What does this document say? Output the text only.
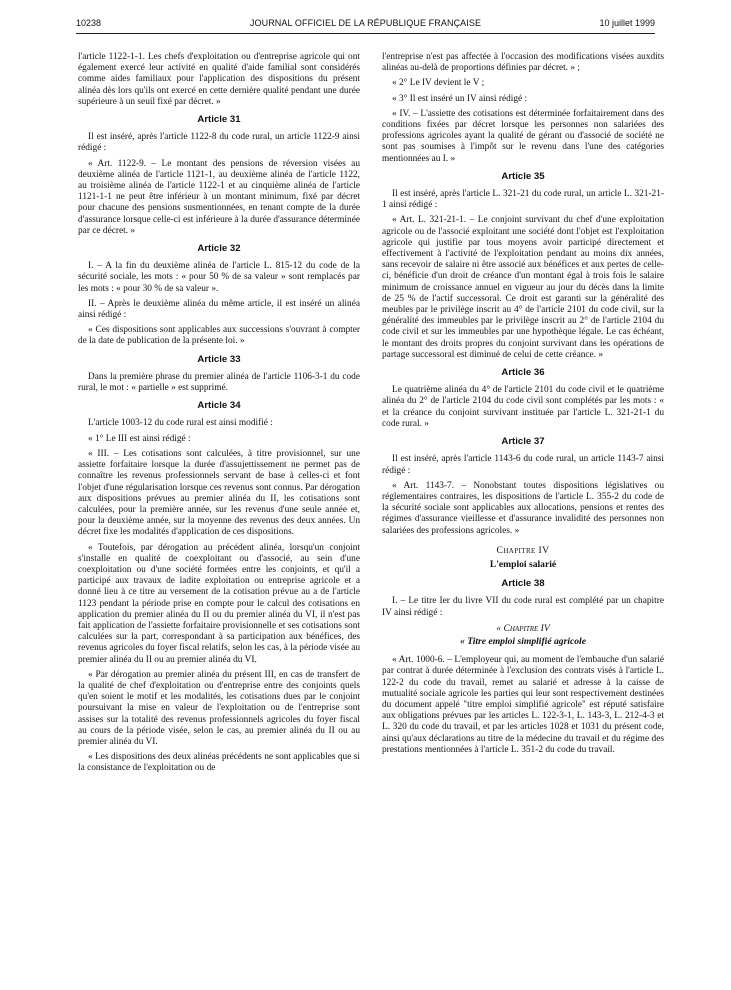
10238	JOURNAL OFFICIEL DE LA RÉPUBLIQUE FRANÇAISE	10 juillet 1999

l'article 1122-1-1. Les chefs d'exploitation ou d'entreprise agricole qui ont également exercé leur activité en qualité d'aide familial sont considérés comme aides familiaux pour l'application des dispositions du présent alinéa dès lors qu'ils ont exercé en cette dernière qualité pendant une durée supérieure à un seuil fixé par décret. »

Article 31

Il est inséré, après l'article 1122-8 du code rural, un article 1122-9 ainsi rédigé :

« Art. 1122-9. – Le montant des pensions de réversion visées au deuxième alinéa de l'article 1121-1, au deuxième alinéa de l'article 1122, au troisième alinéa de l'article 1122-1 et au cinquième alinéa de l'article 1121-1-1 ne peut être inférieur à un montant minimum, fixé par décret pour chacune des pensions susmentionnées, en tenant compte de la durée d'assurance lorsque celle-ci est inférieure à la durée d'assurance déterminée par ce décret. »

Article 32

I. – A la fin du deuxième alinéa de l'article L. 815-12 du code de la sécurité sociale, les mots : « pour 50 % de sa valeur » sont remplacés par les mots : « pour 30 % de sa valeur ».

II. – Après le deuxième alinéa du même article, il est inséré un alinéa ainsi rédigé :

« Ces dispositions sont applicables aux successions s'ouvrant à compter de la date de publication de la présente loi. »

Article 33

Dans la première phrase du premier alinéa de l'article 1106-3-1 du code rural, le mot : « partielle » est supprimé.

Article 34

L'article 1003-12 du code rural est ainsi modifié :

« 1° Le III est ainsi rédigé :

« III. – Les cotisations sont calculées, à titre provisionnel, sur une assiette forfaitaire lorsque la durée d'assujettissement ne permet pas de connaître les revenus professionnels servant de base à celles-ci et font l'objet d'une régularisation lorsque ces revenus sont connus. Par dérogation aux dispositions prévues au premier alinéa du II, les cotisations sont calculées, pour la première année, sur les revenus d'une seule année et, pour la deuxième année, sur la moyenne des revenus des deux années. Un décret fixe les modalités d'application de ces dispositions.

« Toutefois, par dérogation au précédent alinéa, lorsqu'un conjoint s'installe en qualité de coexploitant ou d'associé, au sein d'une coexploitation ou d'une société formées entre les conjoints, et qu'il a participé aux travaux de ladite exploitation ou entreprise agricole et a donné lieu à ce titre au versement de la cotisation prévue au a de l'article 1123 pendant la période prise en compte pour le calcul des cotisations en application du premier alinéa du II ou du premier alinéa du VI, il n'est pas fait application de l'assiette forfaitaire provisionnelle et ses cotisations sont calculées sur la part, correspondant à sa participation aux bénéfices, des revenus agricoles du foyer fiscal relatifs, selon les cas, à la période visée au premier alinéa du II ou au premier alinéa du VI.

« Par dérogation au premier alinéa du présent III, en cas de transfert de la qualité de chef d'exploitation ou d'entreprise entre des conjoints quels qu'en soient le motif et les modalités, les cotisations dues par le conjoint poursuivant la mise en valeur de l'exploitation ou de l'entreprise sont assises sur la totalité des revenus professionnels agricoles du foyer fiscal au cours de la période visée, selon le cas, au premier alinéa du II ou au premier alinéa du VI.

« Les dispositions des deux alinéas précédents ne sont applicables que si la consistance de l'exploitation ou de

l'entreprise n'est pas affectée à l'occasion des modifications visées auxdits alinéas au-delà de proportions définies par décret. » ;

« 2° Le IV devient le V ;

« 3° Il est inséré un IV ainsi rédigé :

« IV. – L'assiette des cotisations est déterminée forfaitairement dans des conditions fixées par décret lorsque les personnes non salariées des professions agricoles ayant la qualité de gérant ou d'associé de société ne sont pas soumises à l'impôt sur le revenu dans l'une des catégories mentionnées au I. »

Article 35

Il est inséré, après l'article L. 321-21 du code rural, un article L. 321-21-1 ainsi rédigé :

« Art. L. 321-21-1. – Le conjoint survivant du chef d'une exploitation agricole ou de l'associé exploitant une société dont l'objet est l'exploitation agricole qui justifie par tous moyens avoir participé directement et effectivement à l'activité de l'exploitation pendant au moins dix années, sans recevoir de salaire ni être associé aux bénéfices et aux pertes de celle-ci, bénéficie d'un droit de créance d'un montant égal à trois fois le salaire minimum de croissance annuel en vigueur au jour du décès dans la limite de 25 % de l'actif successoral. Ce droit est garanti sur la généralité des meubles par le privilège inscrit au 4° de l'article 2101 du code civil, sur la généralité des immeubles par le privilège inscrit au 2° de l'article 2104 du code civil et sur les immeubles par une hypothèque légale. Le cas échéant, le montant des droits propres du conjoint survivant dans les opérations de partage successoral est diminué de celui de cette créance. »

Article 36

Le quatrième alinéa du 4° de l'article 2101 du code civil et le quatrième alinéa du 2° de l'article 2104 du code civil sont complétés par les mots : « et la créance du conjoint survivant instituée par l'article L. 321-21-1 du code rural. »

Article 37

Il est inséré, après l'article 1143-6 du code rural, un article 1143-7 ainsi rédigé :

« Art. 1143-7. – Nonobstant toutes dispositions législatives ou réglementaires contraires, les dispositions de l'article L. 355-2 du code de la sécurité sociale sont applicables aux allocations, pensions et rentes des régimes d'assurance vieillesse et d'assurance invalidité des personnes non salariées des professions agricoles. »

Chapitre IV
L'emploi salarié
Article 38

I. – Le titre Ier du livre VII du code rural est complété par un chapitre IV ainsi rédigé :

« Chapitre IV
« Titre emploi simplifié agricole

« Art. 1000-6. – L'employeur qui, au moment de l'embauche d'un salarié par contrat à durée déterminée à l'exclusion des contrats visés à l'article L. 122-2 du code du travail, remet au salarié et adresse à la caisse de mutualité sociale agricole les parties qui leur sont respectivement destinées du document appelé "titre emploi simplifié agricole" est réputé satisfaire aux obligations prévues par les articles L. 122-3-1, L. 143-3, L. 212-4-3 et L. 320 du code du travail, et par les articles 1028 et 1031 du présent code, ainsi qu'aux déclarations au titre de la médecine du travail et du régime des prestations mentionnées à l'article L. 351-2 du code du travail.
